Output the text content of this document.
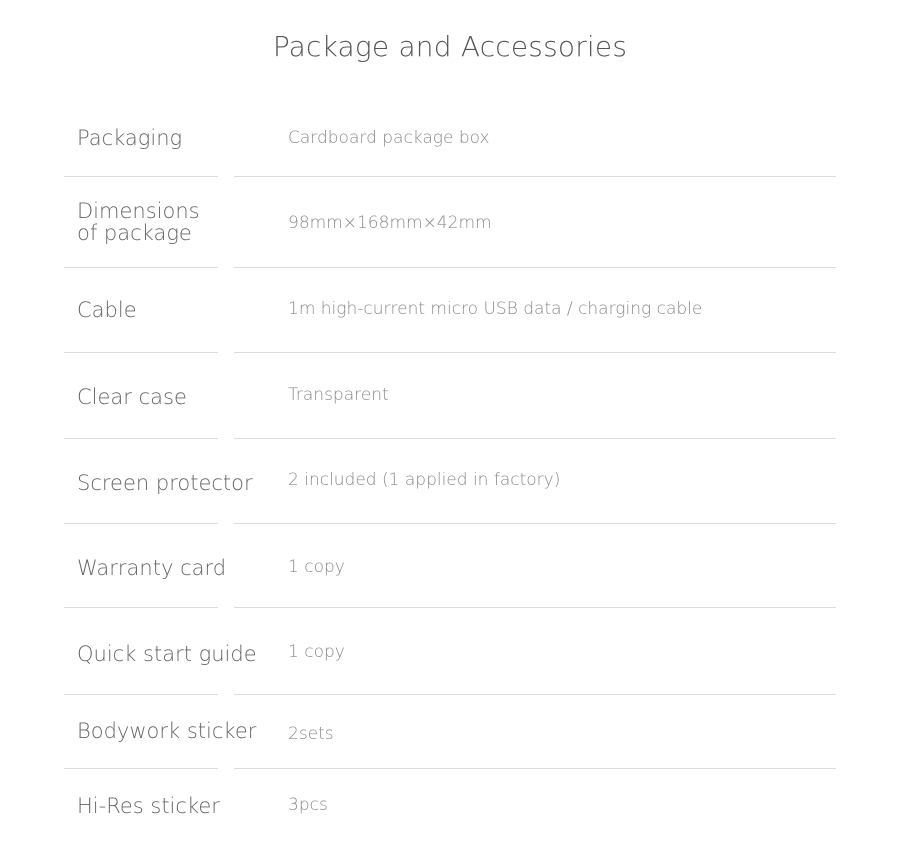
Package and Accessories
Packaging	Cardboard package box
Dimensions
of package	98mm×168mm×42mm
Cable	1m high-current micro USB data / charging cable
Clear case	Transparent
Screen protector 2 included (1 applied in factory)
Warranty card	1 copy
Quick start guide 1 copy
Bodywork sticker 2sets
Hi-Res sticker	3pcs
